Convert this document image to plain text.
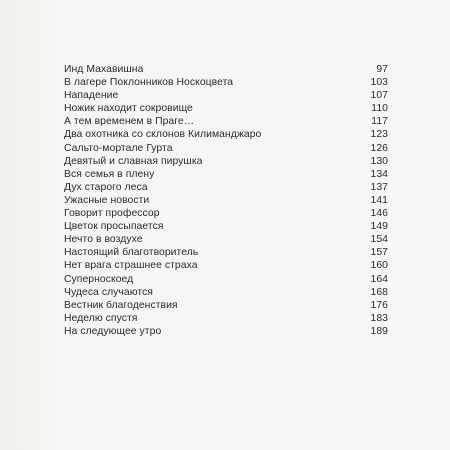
Инд Махавишна	97
В лагере Поклонников Носкоцвета	103
Нападение	107
Ножик находит сокровище	110
А тем временем в Праге…	117
Два охотника со склонов Килиманджаро	123
Сальто-мортале Гурта	126
Девятый и славная пирушка	130
Вся семья в плену	134
Дух старого леса	137
Ужасные новости	141
Говорит профессор	146
Цветок просыпается	149
Нечто в воздухе	154
Настоящий благотворитель	157
Нет врага страшнее страха	160
Суперноскоед	164
Чудеса случаются	168
Вестник благоденствия	176
Неделю спустя	183
На следующее утро	189
